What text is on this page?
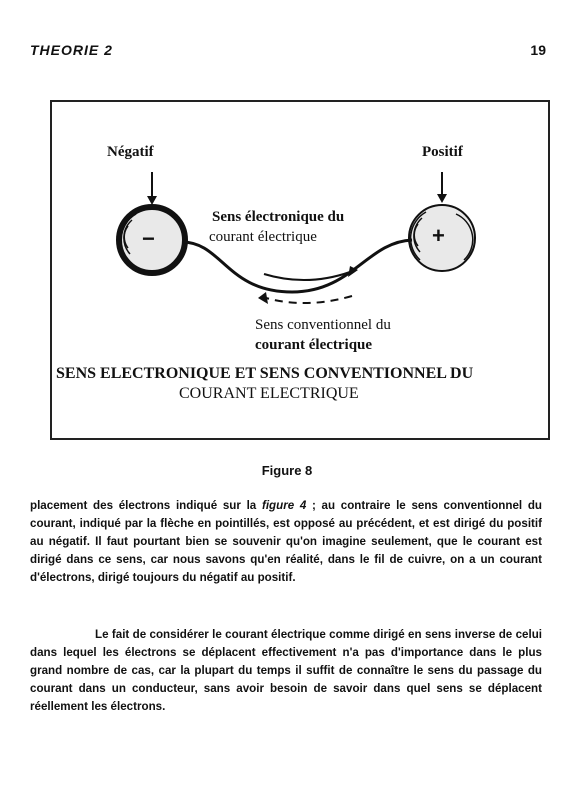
THEORIE 2	19
Négatif	Positif
−	+
Sens électronique du
courant électrique
Sens conventionnel du
courant électrique
SENS ELECTRONIQUE ET SENS CONVENTIONNEL DU
COURANT ELECTRIQUE
Figure 8

placement des électrons indiqué sur la figure 4 ; au contraire le sens conventionnel du courant, indiqué par la flèche en pointillés, est opposé au précédent, et est dirigé du positif au négatif. Il faut pourtant bien se souvenir qu'on imagine seulement, que le courant est dirigé dans ce sens, car nous savons qu'en réalité, dans le fil de cuivre, on a un courant d'électrons, dirigé toujours du négatif au positif.

Le fait de considérer le courant électrique comme dirigé en sens inverse de celui dans lequel les électrons se déplacent effectivement n'a pas d'importance dans le plus grand nombre de cas, car la plupart du temps il suffit de connaître le sens du passage du courant dans un conducteur, sans avoir besoin de savoir dans quel sens se déplacent réellement les électrons.
